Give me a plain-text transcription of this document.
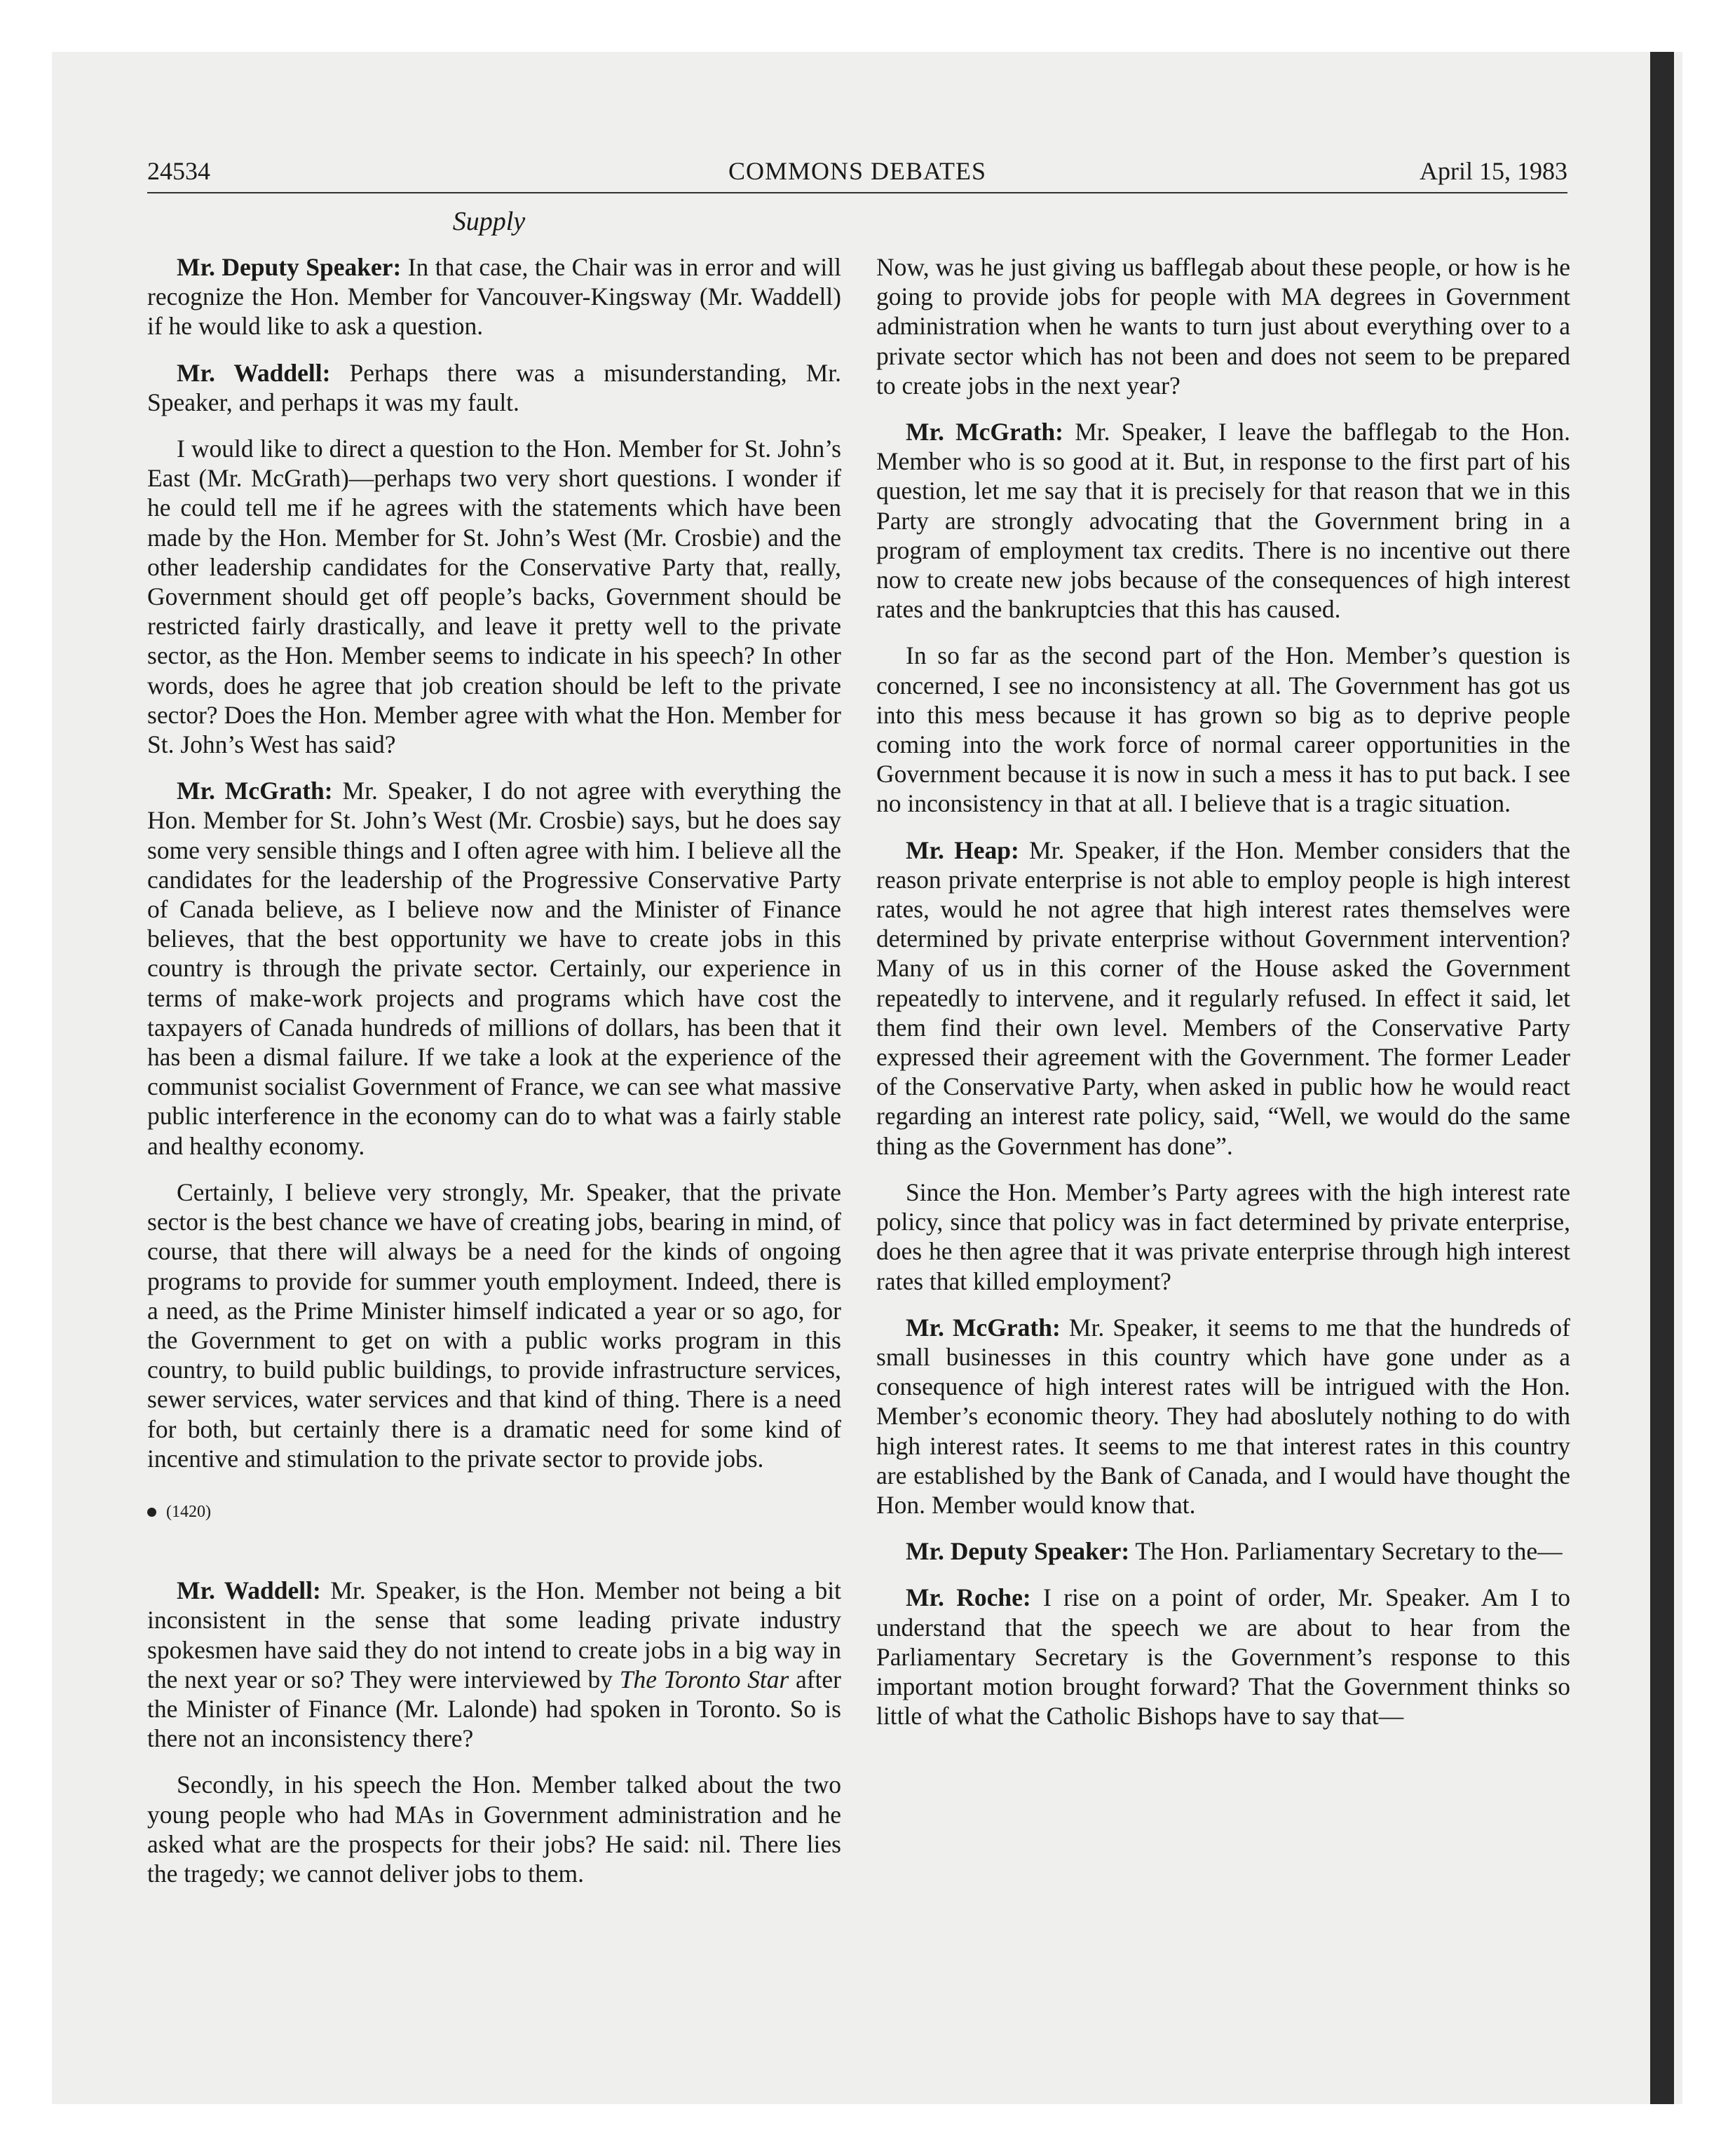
24534	COMMONS DEBATES	April 15, 1983
Supply

Mr. Deputy Speaker: In that case, the Chair was in error and will recognize the Hon. Member for Vancouver-Kingsway (Mr. Waddell) if he would like to ask a question.

Mr. Waddell: Perhaps there was a misunderstanding, Mr. Speaker, and perhaps it was my fault.

I would like to direct a question to the Hon. Member for St. John’s East (Mr. McGrath)—perhaps two very short questions. I wonder if he could tell me if he agrees with the statements which have been made by the Hon. Member for St. John’s West (Mr. Crosbie) and the other leadership candidates for the Conservative Party that, really, Government should get off people’s backs, Government should be restricted fairly drastically, and leave it pretty well to the private sector, as the Hon. Member seems to indicate in his speech? In other words, does he agree that job creation should be left to the private sector? Does the Hon. Member agree with what the Hon. Member for St. John’s West has said?

Mr. McGrath: Mr. Speaker, I do not agree with everything the Hon. Member for St. John’s West (Mr. Crosbie) says, but he does say some very sensible things and I often agree with him. I believe all the candidates for the leadership of the Progressive Conservative Party of Canada believe, as I believe now and the Minister of Finance believes, that the best opportunity we have to create jobs in this country is through the private sector. Certainly, our experience in terms of make-work projects and programs which have cost the taxpayers of Canada hundreds of millions of dollars, has been that it has been a dismal failure. If we take a look at the experience of the communist socialist Government of France, we can see what massive public interference in the economy can do to what was a fairly stable and healthy economy.

Certainly, I believe very strongly, Mr. Speaker, that the private sector is the best chance we have of creating jobs, bearing in mind, of course, that there will always be a need for the kinds of ongoing programs to provide for summer youth employment. Indeed, there is a need, as the Prime Minister himself indicated a year or so ago, for the Government to get on with a public works program in this country, to build public buildings, to provide infrastructure services, sewer services, water services and that kind of thing. There is a need for both, but certainly there is a dramatic need for some kind of incentive and stimulation to the private sector to provide jobs.

(1420)

Mr. Waddell: Mr. Speaker, is the Hon. Member not being a bit inconsistent in the sense that some leading private industry spokesmen have said they do not intend to create jobs in a big way in the next year or so? They were interviewed by The Toronto Star after the Minister of Finance (Mr. Lalonde) had spoken in Toronto. So is there not an inconsistency there?

Secondly, in his speech the Hon. Member talked about the two young people who had MAs in Government administration and he asked what are the prospects for their jobs? He said: nil. There lies the tragedy; we cannot deliver jobs to them.

Now, was he just giving us bafflegab about these people, or how is he going to provide jobs for people with MA degrees in Government administration when he wants to turn just about everything over to a private sector which has not been and does not seem to be prepared to create jobs in the next year?

Mr. McGrath: Mr. Speaker, I leave the bafflegab to the Hon. Member who is so good at it. But, in response to the first part of his question, let me say that it is precisely for that reason that we in this Party are strongly advocating that the Government bring in a program of employment tax credits. There is no incentive out there now to create new jobs because of the consequences of high interest rates and the bankruptcies that this has caused.

In so far as the second part of the Hon. Member’s question is concerned, I see no inconsistency at all. The Government has got us into this mess because it has grown so big as to deprive people coming into the work force of normal career opportunities in the Government because it is now in such a mess it has to put back. I see no inconsistency in that at all. I believe that is a tragic situation.

Mr. Heap: Mr. Speaker, if the Hon. Member considers that the reason private enterprise is not able to employ people is high interest rates, would he not agree that high interest rates themselves were determined by private enterprise without Government intervention? Many of us in this corner of the House asked the Government repeatedly to intervene, and it regularly refused. In effect it said, let them find their own level. Members of the Conservative Party expressed their agreement with the Government. The former Leader of the Conservative Party, when asked in public how he would react regarding an interest rate policy, said, “Well, we would do the same thing as the Government has done”.

Since the Hon. Member’s Party agrees with the high interest rate policy, since that policy was in fact determined by private enterprise, does he then agree that it was private enterprise through high interest rates that killed employment?

Mr. McGrath: Mr. Speaker, it seems to me that the hundreds of small businesses in this country which have gone under as a consequence of high interest rates will be intrigued with the Hon. Member’s economic theory. They had aboslutely nothing to do with high interest rates. It seems to me that interest rates in this country are established by the Bank of Canada, and I would have thought the Hon. Member would know that.

Mr. Deputy Speaker: The Hon. Parliamentary Secretary to the—

Mr. Roche: I rise on a point of order, Mr. Speaker. Am I to understand that the speech we are about to hear from the Parliamentary Secretary is the Government’s response to this important motion brought forward? That the Government thinks so little of what the Catholic Bishops have to say that—
